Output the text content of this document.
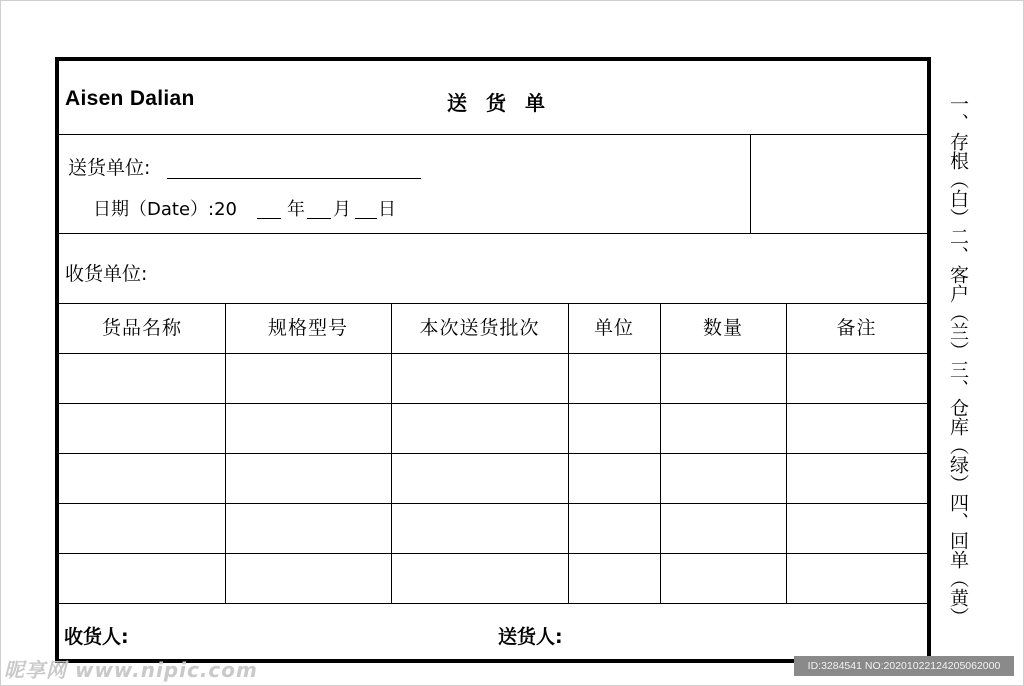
Aisen Dalian	送 货 单
送货单位:
日期（Date）:20	年 月 日
收货单位:
货品名称	规格型号	本次送货批次	单位	数量	备注
收货人:	送货人:
一、存根（白）二、客户（兰）三、仓库（绿）四、回单（黄）
昵享网 www.nipic.com	ID:3284541 NO:20201022124205062000
